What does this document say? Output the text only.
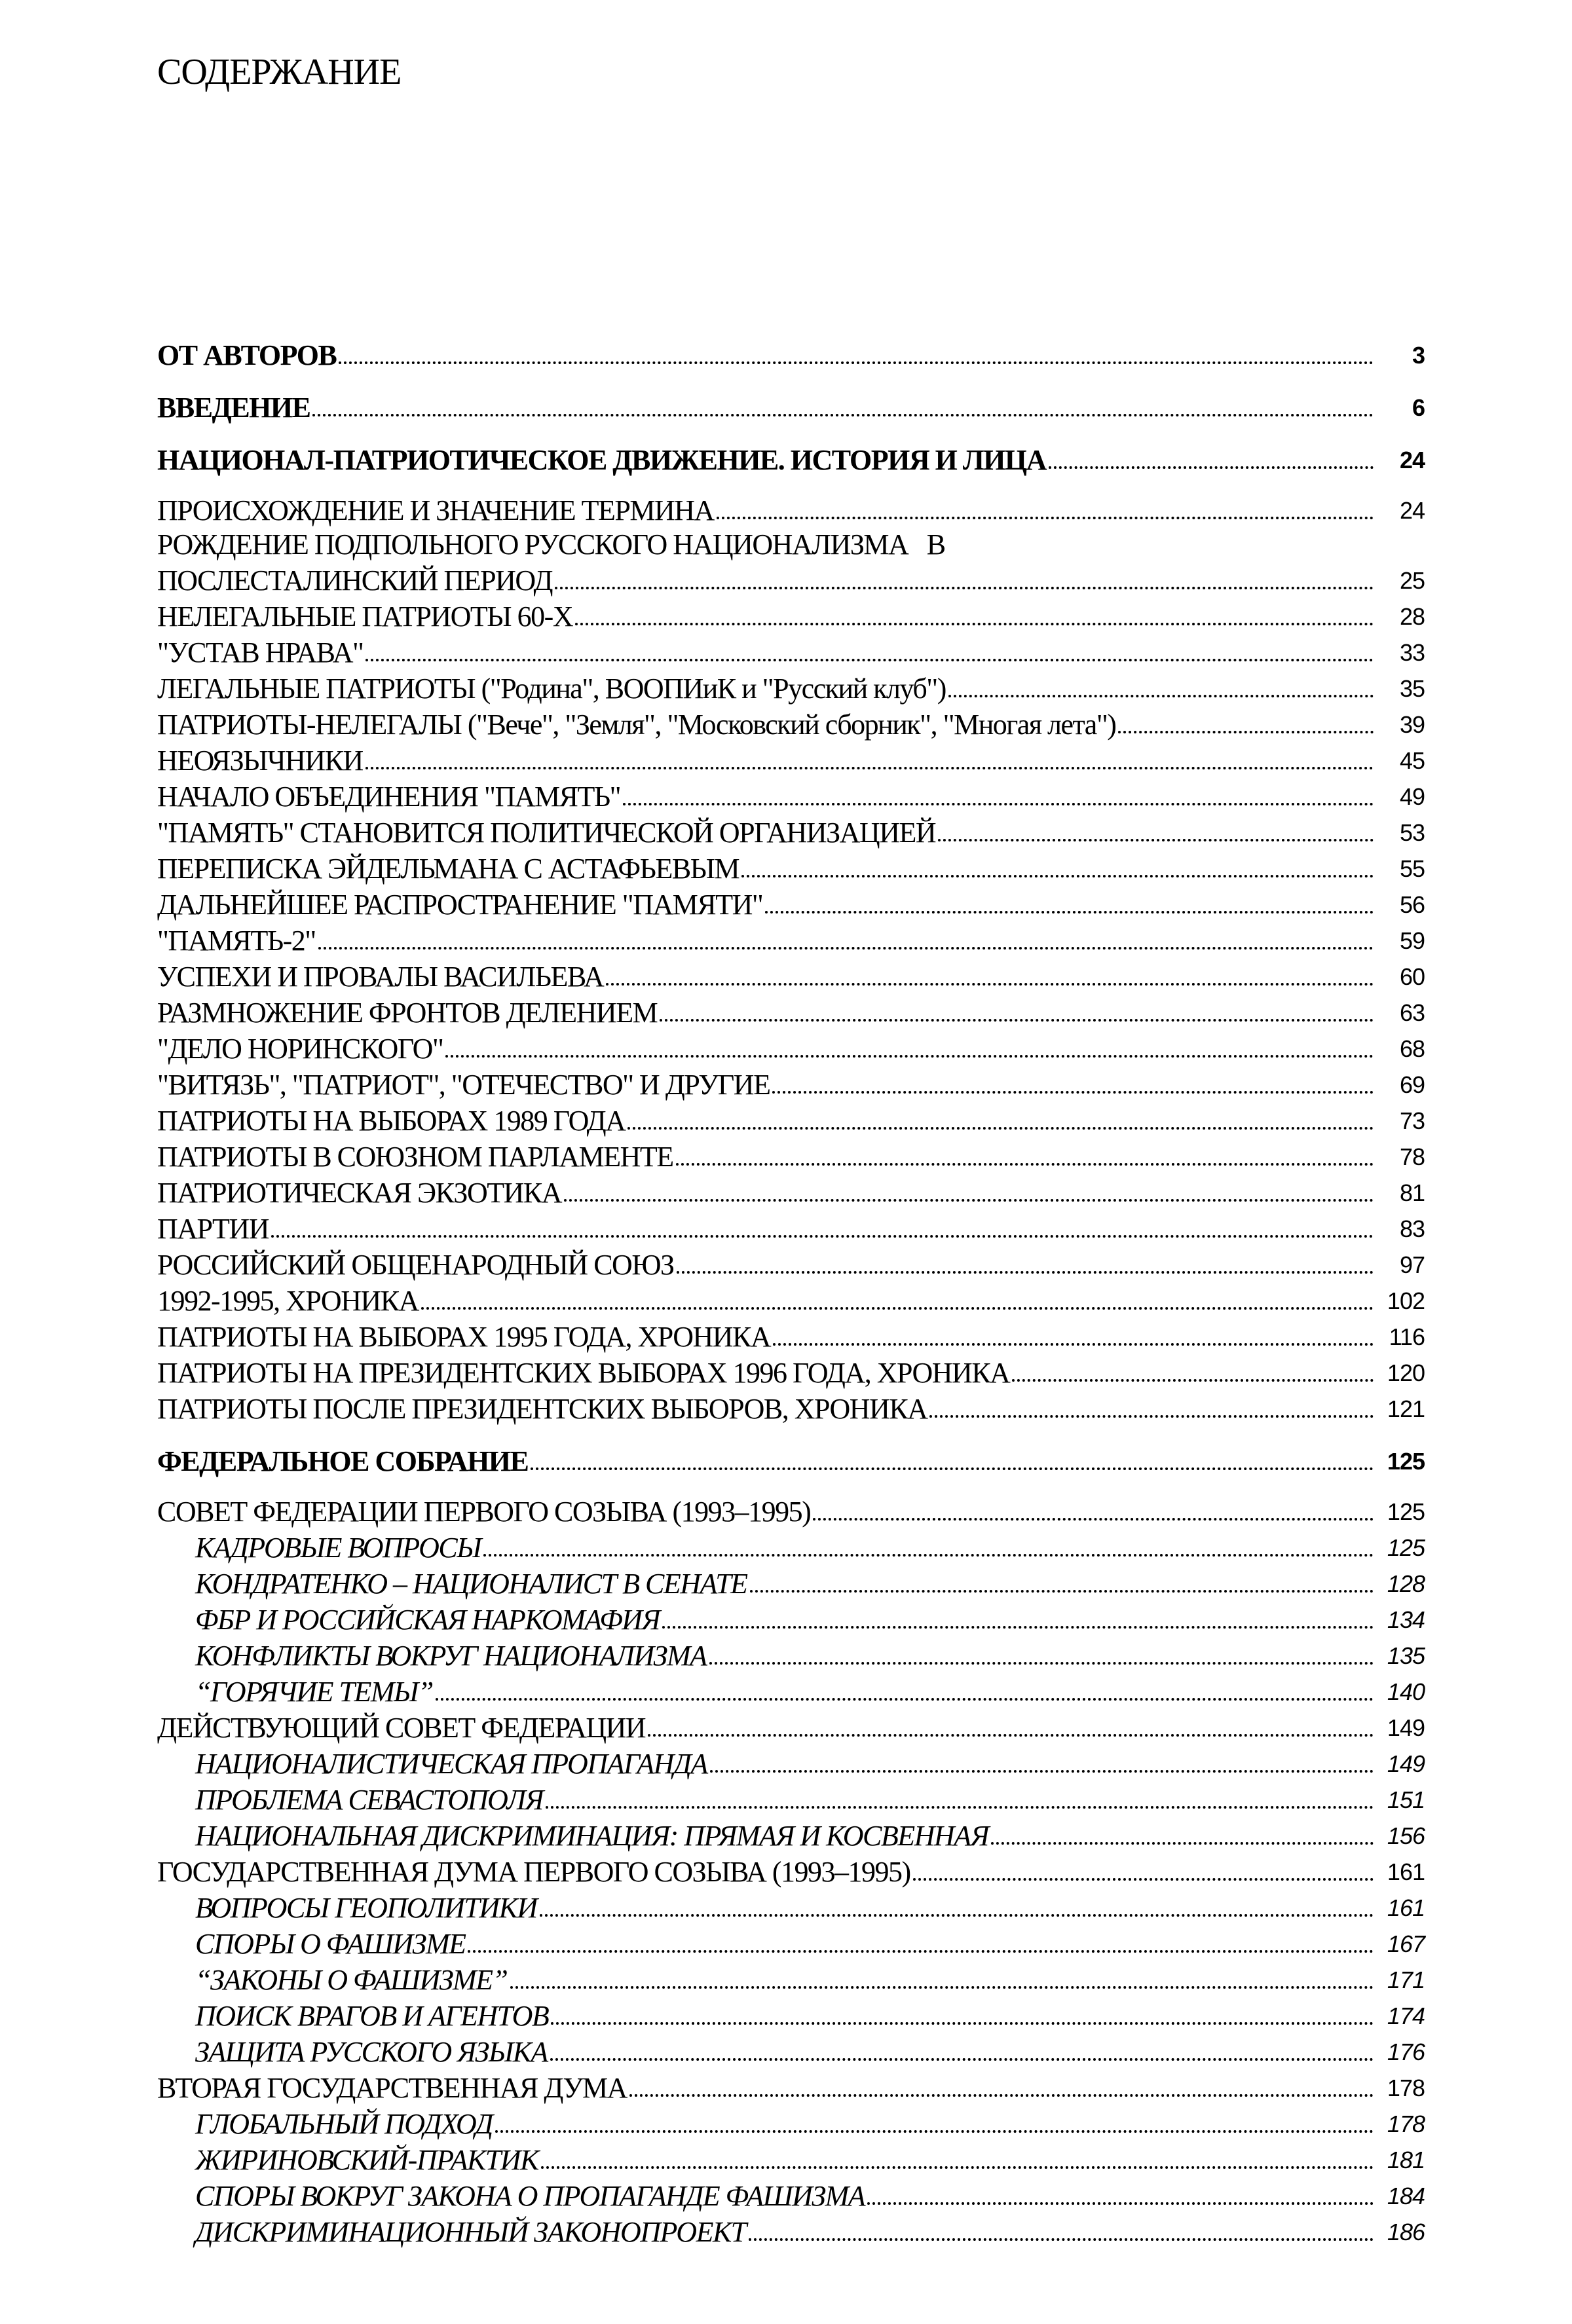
СОДЕРЖАНИЕ
ОТ АВТОРОВ	3
ВВЕДЕНИЕ	6
НАЦИОНАЛ-ПАТРИОТИЧЕСКОЕ ДВИЖЕНИЕ. ИСТОРИЯ И ЛИЦА	24
ПРОИСХОЖДЕНИЕ И ЗНАЧЕНИЕ ТЕРМИНА	24
РОЖДЕНИЕ ПОДПОЛЬНОГО РУССКОГО НАЦИОНАЛИЗМА   В
ПОСЛЕСТАЛИНСКИЙ ПЕРИОД	25
НЕЛЕГАЛЬНЫЕ ПАТРИОТЫ 60-Х	28
"УСТАВ НРАВА"	33
ЛЕГАЛЬНЫЕ ПАТРИОТЫ ("Родина", ВООПИиК и "Русский клуб")	35
ПАТРИОТЫ-НЕЛЕГАЛЫ ("Вече", "Земля", "Московский сборник", "Многая лета")	39
НЕОЯЗЫЧНИКИ	45
НАЧАЛО ОБЪЕДИНЕНИЯ "ПАМЯТЬ"	49
"ПАМЯТЬ" СТАНОВИТСЯ ПОЛИТИЧЕСКОЙ ОРГАНИЗАЦИЕЙ	53
ПЕРЕПИСКА ЭЙДЕЛЬМАНА С АСТАФЬЕВЫМ	55
ДАЛЬНЕЙШЕЕ РАСПРОСТРАНЕНИЕ "ПАМЯТИ"	56
"ПАМЯТЬ-2"	59
УСПЕХИ И ПРОВАЛЫ ВАСИЛЬЕВА	60
РАЗМНОЖЕНИЕ ФРОНТОВ ДЕЛЕНИЕМ	63
"ДЕЛО НОРИНСКОГО"	68
"ВИТЯЗЬ", "ПАТРИОТ", "ОТЕЧЕСТВО" И ДРУГИЕ	69
ПАТРИОТЫ НА ВЫБОРАХ 1989 ГОДА	73
ПАТРИОТЫ В СОЮЗНОМ ПАРЛАМЕНТЕ	78
ПАТРИОТИЧЕСКАЯ ЭКЗОТИКА	81
ПАРТИИ	83
РОССИЙСКИЙ ОБЩЕНАРОДНЫЙ СОЮЗ	97
1992-1995, ХРОНИКА	102
ПАТРИОТЫ НА ВЫБОРАХ 1995 ГОДА, ХРОНИКА	116
ПАТРИОТЫ НА ПРЕЗИДЕНТСКИХ ВЫБОРАХ 1996 ГОДА, ХРОНИКА	120
ПАТРИОТЫ ПОСЛЕ ПРЕЗИДЕНТСКИХ ВЫБОРОВ, ХРОНИКА	121
ФЕДЕРАЛЬНОЕ СОБРАНИЕ	125
СОВЕТ ФЕДЕРАЦИИ ПЕРВОГО СОЗЫВА (1993–1995)	125
КАДРОВЫЕ ВОПРОСЫ	125
КОНДРАТЕНКО – НАЦИОНАЛИСТ В СЕНАТЕ	128
ФБР И РОССИЙСКАЯ НАРКОМАФИЯ	134
КОНФЛИКТЫ ВОКРУГ НАЦИОНАЛИЗМА	135
“ГОРЯЧИЕ ТЕМЫ”	140
ДЕЙСТВУЮЩИЙ СОВЕТ ФЕДЕРАЦИИ	149
НАЦИОНАЛИСТИЧЕСКАЯ ПРОПАГАНДА	149
ПРОБЛЕМА СЕВАСТОПОЛЯ	151
НАЦИОНАЛЬНАЯ ДИСКРИМИНАЦИЯ: ПРЯМАЯ И КОСВЕННАЯ	156
ГОСУДАРСТВЕННАЯ ДУМА ПЕРВОГО СОЗЫВА (1993–1995)	161
ВОПРОСЫ ГЕОПОЛИТИКИ	161
СПОРЫ О ФАШИЗМЕ	167
“ЗАКОНЫ О ФАШИЗМЕ”	171
ПОИСК ВРАГОВ И АГЕНТОВ	174
ЗАЩИТА РУССКОГО ЯЗЫКА	176
ВТОРАЯ ГОСУДАРСТВЕННАЯ ДУМА	178
ГЛОБАЛЬНЫЙ ПОДХОД	178
ЖИРИНОВСКИЙ-ПРАКТИК	181
СПОРЫ ВОКРУГ ЗАКОНА О ПРОПАГАНДЕ ФАШИЗМА	184
ДИСКРИМИНАЦИОННЫЙ ЗАКОНОПРОЕКТ	186
